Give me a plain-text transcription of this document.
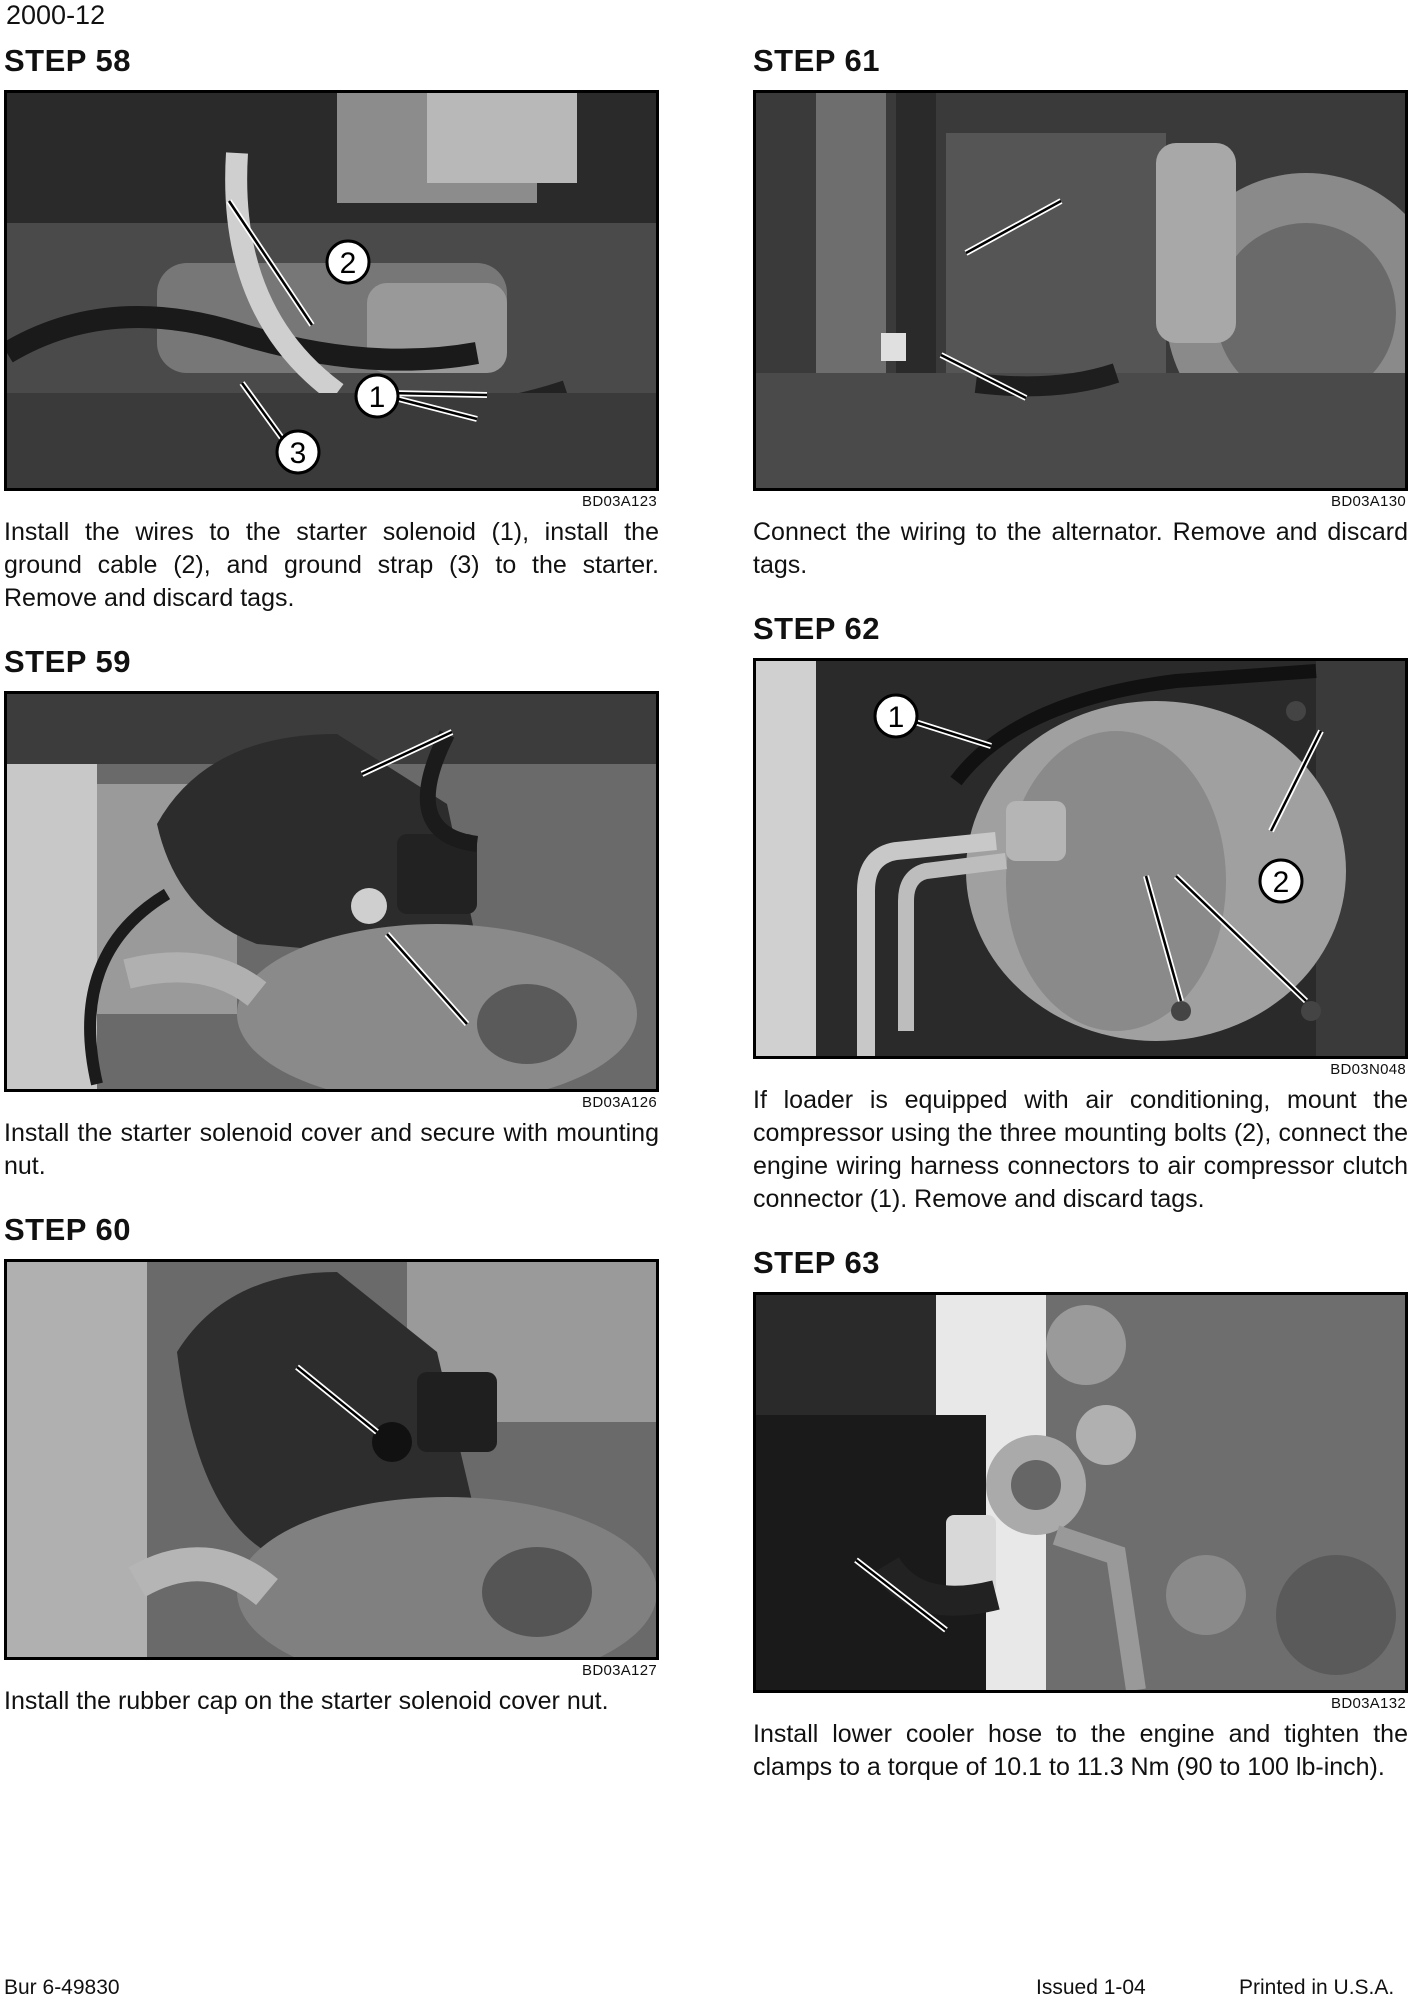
2000-12
STEP 58
2
1
3
BD03A123

Install the wires to the starter solenoid (1), install the ground cable (2), and ground strap (3) to the starter. Remove and discard tags.

STEP 59
BD03A126

Install the starter solenoid cover and secure with mounting nut.

STEP 60
BD03A127

Install the rubber cap on the starter solenoid cover nut.

STEP 61
BD03A130

Connect the wiring to the alternator. Remove and discard tags.

STEP 62
1
2
BD03N048

If loader is equipped with air conditioning, mount the compressor using the three mounting bolts (2), connect the engine wiring harness connectors to air compressor clutch connector (1). Remove and discard tags.

STEP 63
BD03A132

Install lower cooler hose to the engine and tighten the clamps to a torque of 10.1 to 11.3 Nm (90 to 100 lb-inch).

Bur 6-49830	Issued 1-04	Printed in U.S.A.
